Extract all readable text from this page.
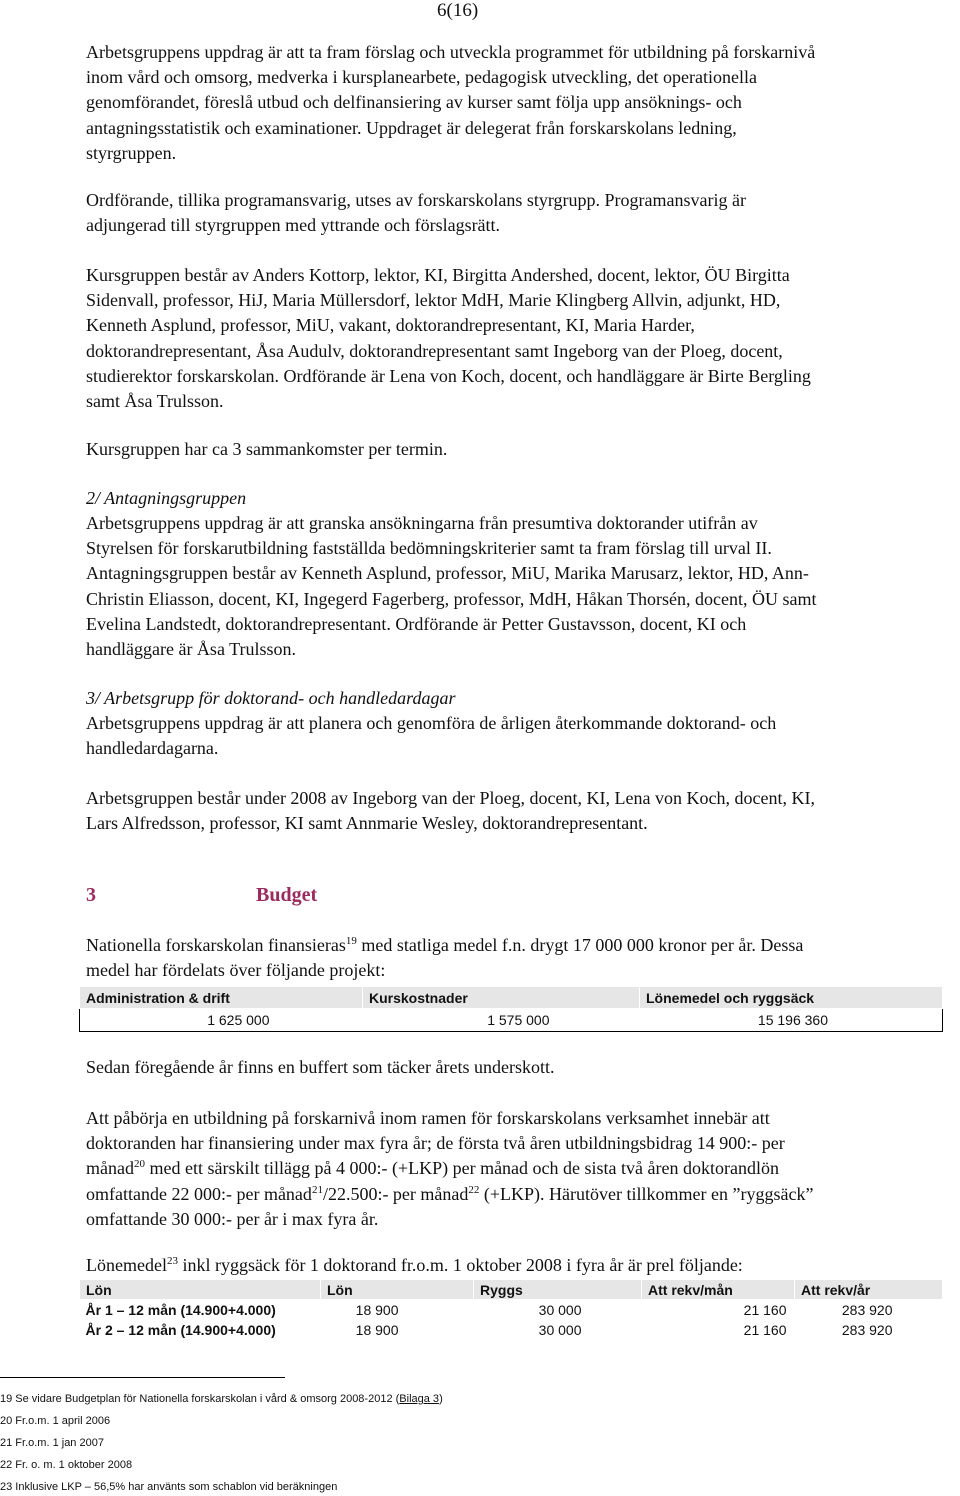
6(16)
Arbetsgruppens uppdrag är att ta fram förslag och utveckla programmet för utbildning på forskarnivå
inom vård och omsorg, medverka i kursplanearbete, pedagogisk utveckling, det operationella
genomförandet, föreslå utbud och delfinansiering av kurser samt följa upp ansöknings- och
antagningsstatistik och examinationer. Uppdraget är delegerat från forskarskolans ledning,
styrgruppen.
Ordförande, tillika programansvarig, utses av forskarskolans styrgrupp. Programansvarig är
adjungerad till styrgruppen med yttrande och förslagsrätt.
Kursgruppen består av Anders Kottorp, lektor, KI, Birgitta Andershed, docent, lektor, ÖU Birgitta
Sidenvall, professor, HiJ, Maria Müllersdorf, lektor MdH, Marie Klingberg Allvin, adjunkt, HD,
Kenneth Asplund, professor, MiU, vakant, doktorandrepresentant, KI, Maria Harder,
doktorandrepresentant, Åsa Audulv, doktorandrepresentant samt Ingeborg van der Ploeg, docent,
studierektor forskarskolan. Ordförande är Lena von Koch, docent, och handläggare är Birte Bergling
samt Åsa Trulsson.
Kursgruppen har ca 3 sammankomster per termin.
2/ Antagningsgruppen
Arbetsgruppens uppdrag är att granska ansökningarna från presumtiva doktorander utifrån av
Styrelsen för forskarutbildning fastställda bedömningskriterier samt ta fram förslag till urval II.
Antagningsgruppen består av Kenneth Asplund, professor, MiU, Marika Marusarz, lektor, HD, Ann-
Christin Eliasson, docent, KI, Ingegerd Fagerberg, professor, MdH, Håkan Thorsén, docent, ÖU samt
Evelina Landstedt, doktorandrepresentant. Ordförande är Petter Gustavsson, docent, KI och
handläggare är Åsa Trulsson.
3/ Arbetsgrupp för doktorand- och handledardagar
Arbetsgruppens uppdrag är att planera och genomföra de årligen återkommande doktorand- och
handledardagarna.
Arbetsgruppen består under 2008 av Ingeborg van der Ploeg, docent, KI, Lena von Koch, docent, KI,
Lars Alfredsson, professor, KI samt Annmarie Wesley, doktorandrepresentant.
3	Budget
Nationella forskarskolan finansieras$^{19}$ med statliga medel f.n. drygt 17 000 000 kronor per år. Dessa
medel har fördelats över följande projekt:
Administration & drift	Kurskostnader	Lönemedel och ryggsäck
1 625 000	1 575 000	15 196 360
Sedan föregående år finns en buffert som täcker årets underskott.
Att påbörja en utbildning på forskarnivå inom ramen för forskarskolans verksamhet innebär att
doktoranden har finansiering under max fyra år; de första två åren utbildningsbidrag 14 900:- per
månad$^{20}$ med ett särskilt tillägg på 4 000:- (+LKP) per månad och de sista två åren doktorandlön
omfattande 22 000:- per månad$^{21}$/22.500:- per månad$^{22}$ (+LKP). Härutöver tillkommer en ”ryggsäck”
omfattande 30 000:- per år i max fyra år.
Lönemedel$^{23}$ inkl ryggsäck för 1 doktorand fr.o.m. 1 oktober 2008 i fyra år är prel följande:
Lön	Lön	Ryggs	Att rekv/mån	Att rekv/år
År 1 – 12 mån (14.900+4.000)	18 900	30 000	21 160	283 920
År 2 – 12 mån (14.900+4.000)	18 900	30 000	21 160	283 920
19 Se vidare Budgetplan för Nationella forskarskolan i vård & omsorg 2008-2012 (Bilaga 3)
20 Fr.o.m. 1 april 2006
21 Fr.o.m. 1 jan 2007
22 Fr. o. m. 1 oktober 2008
23 Inklusive LKP – 56,5% har använts som schablon vid beräkningen
